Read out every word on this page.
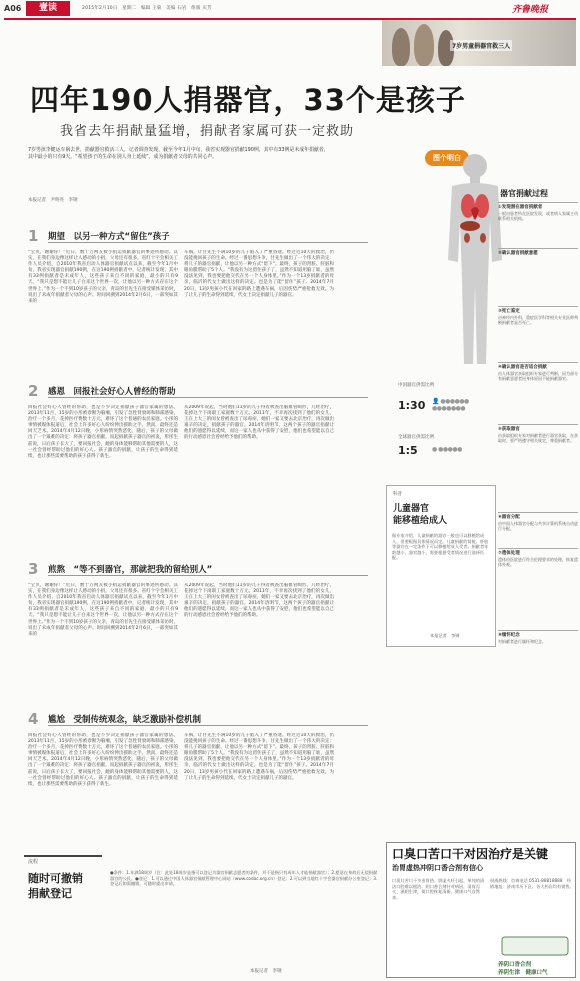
A06	壹读	2015年2月10日　星期二　编辑 王菊　美编 石岩　组版 庆芳	齐鲁晚报
7岁男童捐器官救三人
四年190人捐器官，33个是孩子
我省去年捐献量猛增，捐献者家属可获一定救助
7岁男孩李健运车祸去世，捐献器官救活三人，记者调查发现，截至今年1月中旬，我省实现器官捐献190例，其中有33例是未成年捐献者，其中最小的只有9天。“希望孩子的生命在别人身上延续”，成为捐献者父母的共同心声。
本报记者　尹明亮　李钢
1 期望　以另一种方式“留住”孩子
“宝贝，谢谢你！”近日，数十万网友被小捐运捐献器官的事迹所感动。其实，在我们身边像这样让人感动的小捐，父母还有很多。省红十字会相关工作人员介绍，自2010年我省启动人体器官捐献试点以来，截至今年1月中旬，我省实现器官捐献190例，在这190例捐献者中，记者统计发现，其中有33例捐献者是未成年人，这些孩子来自不同的家庭，最小的只有9天。“我只是想不能让儿子白来这个世界一次，让他以另一种方式存在这个世界上。”作为一个不到10岁孩子的父亲，青岛的甘先生在接受媒体采访时，说出了未成年捐献者父母的心声。时间回溯到2014年2月6日，一部突如其来的
车祸，让甘先生不满10岁的儿子陷入了严重昏迷。经过近10天的救治，仍没能挽回孩子的生命。经过一番思想斗争，甘先生做出了一个伟大的决定：将儿子的器官捐献，让他以另一种方式“留下”。最终，孩子的肾脏、肝脏和眼角膜帮助了5个人。“我没有为这留住孩子了，虽然不知道用脑了谁，虽然没法见到，我也要把他交代在另一个人身体里。”作为一个13岁捐献者的母亲，临沂的代女士做出这样的决定。也是为了能“留住”孩子。2014年7月20日，13岁男孩小代在回家的路上遭遇车祸，后因伤势严重抢救无效。为了让儿子的生命得到延续，代女士决定捐献儿子的器官。
2 感恩　回报社会好心人曾经的帮助
回报社会好心人曾经的帮助，也是不少决定捐献孩子器官家属的想法。2013年11月，15岁的小彤被诊断为脑瘤，引发了急性肾衰竭和肺部感染，治疗一个多月，花掉医疗费数十万元，难坏了这个普通的农民家庭。小彤的事情被媒体报道后，社会上许多好心人纷纷伸出援助之手，然而，最终还是回天乏术。2014年4月12日晚，小彤病情突然恶化，随后，孩子的父母做出了一个艰难的决定：将孩子器官捐献，说起捐献孩子器官的初衷，彤彤生前说，日后孩子长大了，要回报社会，她的身体能够帮助其他需要的人，这一社会曾经帮助过他们的好心人。孩子器官的捐献，让孩子的生命得到延续，也让那些需要帮助的孩子获得了新生。
从2009年说起，当时他们11岁的儿子得者被查出脑血管畸形，几经治疗，花掉这个下岗职工家庭数十万元。2011年，不幸再次找到了他们的女儿，王在上大三的闺女曾被查出了尿毒症，她们一家又要去北京治疗，再次做出艰辛的决定，捐献孩子的器官。2014年清明节，这两个孩子的器官捐献让他们的遗愿得以延续，而这一家人也从中获得了安慰，他们也希望能以自己的行动感恩社会曾经给予他们的帮助。
3 煎熬　“等不到器官，那就把我的留给别人”
“宝贝，谢谢你！”近日，数十万网友被小捐运捐献器官的事迹所感动。其实，在我们身边像这样让人感动的小捐，父母还有很多。省红十字会相关工作人员介绍，自2010年我省启动人体器官捐献试点以来，截至今年1月中旬，我省实现器官捐献190例，在这190例捐献者中，记者统计发现，其中有33例捐献者是未成年人，这些孩子来自不同的家庭，最小的只有9天。“我只是想不能让儿子白来这个世界一次，让他以另一种方式存在这个世界上。”作为一个不到10岁孩子的父亲，青岛的甘先生在接受媒体采访时，说出了未成年捐献者父母的心声。时间回溯到2014年2月6日，一部突如其来的
从2009年说起，当时他们11岁的儿子得者被查出脑血管畸形，几经治疗，花掉这个下岗职工家庭数十万元。2011年，不幸再次找到了他们的女儿，王在上大三的闺女曾被查出了尿毒症，她们一家又要去北京治疗，再次做出艰辛的决定，捐献孩子的器官。2014年清明节，这两个孩子的器官捐献让他们的遗愿得以延续，而这一家人也从中获得了安慰，他们也希望能以自己的行动感恩社会曾经给予他们的帮助。
4 尴尬　受制传统观念，缺乏激励补偿机制
回报社会好心人曾经的帮助，也是不少决定捐献孩子器官家属的想法。2013年11月，15岁的小彤被诊断为脑瘤，引发了急性肾衰竭和肺部感染，治疗一个多月，花掉医疗费数十万元，难坏了这个普通的农民家庭。小彤的事情被媒体报道后，社会上许多好心人纷纷伸出援助之手，然而，最终还是回天乏术。2014年4月12日晚，小彤病情突然恶化，随后，孩子的父母做出了一个艰难的决定：将孩子器官捐献，说起捐献孩子器官的初衷，彤彤生前说，日后孩子长大了，要回报社会，她的身体能够帮助其他需要的人，这一社会曾经帮助过他们的好心人。孩子器官的捐献，让孩子的生命得到延续，也让那些需要帮助的孩子获得了新生。
车祸，让甘先生不满10岁的儿子陷入了严重昏迷。经过近10天的救治，仍没能挽回孩子的生命。经过一番思想斗争，甘先生做出了一个伟大的决定：将儿子的器官捐献，让他以另一种方式“留下”。最终，孩子的肾脏、肝脏和眼角膜帮助了5个人。“我没有为这留住孩子了，虽然不知道用脑了谁，虽然没法见到，我也要把他交代在另一个人身体里。”作为一个13岁捐献者的母亲，临沂的代女士做出这样的决定。也是为了能“留住”孩子。2014年7月20日，13岁男孩小代在回家的路上遭遇车祸，后因伤势严重抢救无效。为了让儿子的生命得到延续，代女士决定捐献儿子的器官。
图个明白
器官捐献过程
①发现潜在器官捐献者
一般由患者所在医院发现，或者病人家属主动联系相关机构。
②确认器官捐献意愿
③死亡鉴定
由神经内外科、重症医学科等相关专业医师判断捐献者是否死亡。
④确认器官是否适合捐献
由人体器官获取组织专家进行判断，因为部分有捐献意愿者因身体原因不能捐献器官。
⑤获取器官
由获取组织专家对捐献者进行器官获取，在获取时，要严格遵守相关规定，尊重捐献者。
⑥器官分配
由中国人体器官分配与共享计算机系统自动进行分配。
⑦遗体处理
遗体由医院进行符合伦理要求的处理，恢复遗体外观。
⑧缅怀纪念
对捐献者进行缅怀和纪念。
中国器官供需比例
1:30 👤 ●●●●●●
●●●●●●●
全球器官供需比例
1:5 ● ●●●●●
科普
儿童器官
能移植给成人
据专家介绍，儿童捐献的器官一般也可以移植给成人，但要根据具体情况而定。儿童捐献的肾脏、肝脏等器官在一定条件下可以移植给成人受者。捐献者年龄越小，器官越小，需要根据受者情况进行选择匹配。
本报记者　李钢
流程
随时可撤销
捐献登记
●条件：1.年满18周岁（注：此处18周岁是指可以登记为器官捐献志愿者的条件，并不是指只有成年人才能捐献器官）；2.愿意在身故后无偿捐献器官的公民。●登记：1.可以通过中国人体器官捐献管理中心网站（www.codac.org.cn）登记；2.可以到当地红十字会器官捐献办公室登记；3.登记后如需撤销，可随时提出申请。
本报记者　李钢
口臭口苦口干对因治疗是关键
治胃虚热冲阴口香合剂有信心
口臭口苦口干多由胃热、阴虚火旺引起，单纯的清洁口腔难以根治。阴口香合剂针对病因，清胃泻火、滋阴生津，使口腔恢复清新，健康口气自然来。
权威热线：咨询电话 0531-88818888　经销地址：济南市历下区。各大药店均有销售。
养阴口香合剂
养阴生津　健康口气
